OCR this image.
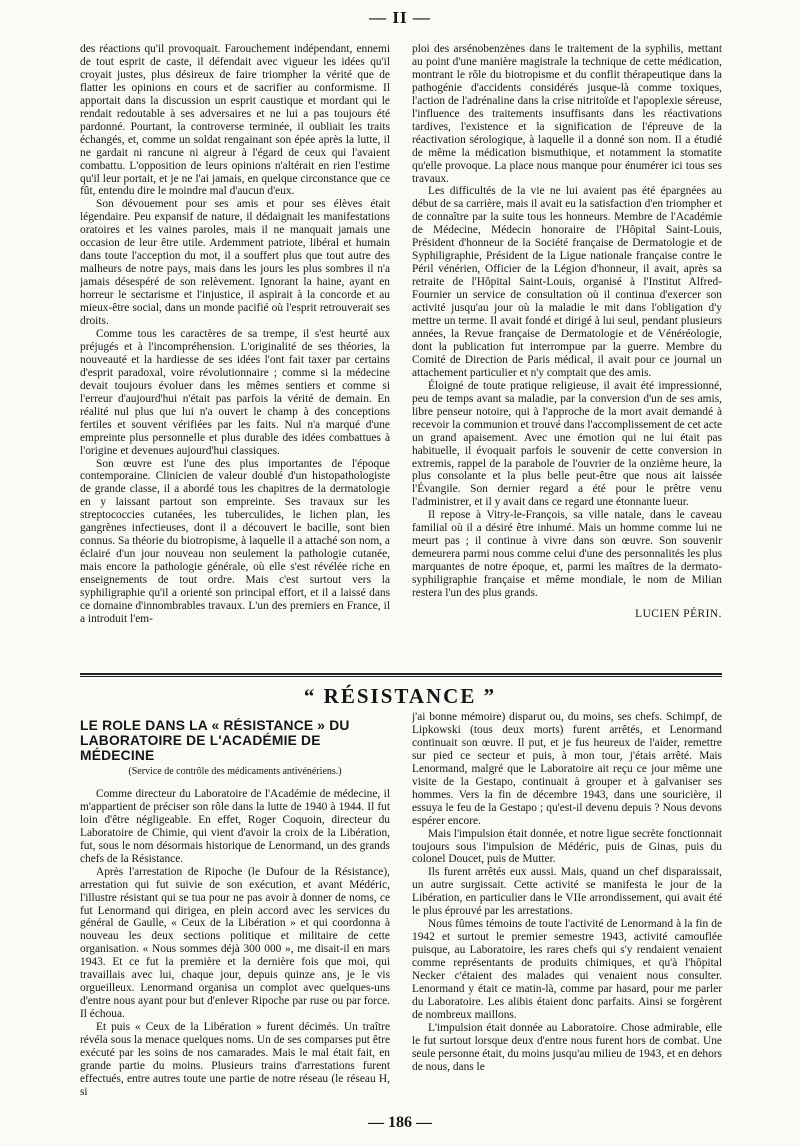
— II —

des réactions qu'il provoquait. Farouchement indépendant, ennemi de tout esprit de caste, il défendait avec vigueur les idées qu'il croyait justes, plus désireux de faire triompher la vérité que de flatter les opinions en cours et de sacrifier au conformisme. Il apportait dans la discussion un esprit caustique et mordant qui le rendait redoutable à ses adversaires et ne lui a pas toujours été pardonné. Pourtant, la controverse terminée, il oubliait les traits échangés, et, comme un soldat rengainant son épée après la lutte, il ne gardait ni rancune ni aigreur à l'égard de ceux qui l'avaient combattu. L'opposition de leurs opinions n'altérait en rien l'estime qu'il leur portait, et je ne l'ai jamais, en quelque circonstance que ce fût, entendu dire le moindre mal d'aucun d'eux.

Son dévouement pour ses amis et pour ses élèves était légendaire. Peu expansif de nature, il dédaignait les manifestations oratoires et les vaines paroles, mais il ne manquait jamais une occasion de leur être utile. Ardemment patriote, libéral et humain dans toute l'acception du mot, il a souffert plus que tout autre des malheurs de notre pays, mais dans les jours les plus sombres il n'a jamais désespéré de son relèvement. Ignorant la haine, ayant en horreur le sectarisme et l'injustice, il aspirait à la concorde et au mieux-être social, dans un monde pacifié où l'esprit retrouverait ses droits.

Comme tous les caractères de sa trempe, il s'est heurté aux préjugés et à l'incompréhension. L'originalité de ses théories, la nouveauté et la hardiesse de ses idées l'ont fait taxer par certains d'esprit paradoxal, voire révolutionnaire ; comme si la médecine devait toujours évoluer dans les mêmes sentiers et comme si l'erreur d'aujourd'hui n'était pas parfois la vérité de demain. En réalité nul plus que lui n'a ouvert le champ à des conceptions fertiles et souvent vérifiées par les faits. Nul n'a marqué d'une empreinte plus personnelle et plus durable des idées combattues à l'origine et devenues aujourd'hui classiques.

Son œuvre est l'une des plus importantes de l'époque contemporaine. Clinicien de valeur doublé d'un histopathologiste de grande classe, il a abordé tous les chapitres de la dermatologie en y laissant partout son empreinte. Ses travaux sur les streptococcies cutanées, les tuberculides, le lichen plan, les gangrènes infectieuses, dont il a découvert le bacille, sont bien connus. Sa théorie du biotropisme, à laquelle il a attaché son nom, a éclairé d'un jour nouveau non seulement la pathologie cutanée, mais encore la pathologie générale, où elle s'est révélée riche en enseignements de tout ordre. Mais c'est surtout vers la syphiligraphie qu'il a orienté son principal effort, et il a laissé dans ce domaine d'innombrables travaux. L'un des premiers en France, il a introduit l'em-

ploi des arsénobenzènes dans le traitement de la syphilis, mettant au point d'une manière magistrale la technique de cette médication, montrant le rôle du biotropisme et du conflit thérapeutique dans la pathogénie d'accidents considérés jusque-là comme toxiques, l'action de l'adrénaline dans la crise nitritoïde et l'apoplexie séreuse, l'influence des traitements insuffisants dans les réactivations tardives, l'existence et la signification de l'épreuve de la réactivation sérologique, à laquelle il a donné son nom. Il a étudié de même la médication bismuthique, et notamment la stomatite qu'elle provoque. La place nous manque pour énumérer ici tous ses travaux.

Les difficultés de la vie ne lui avaient pas été épargnées au début de sa carrière, mais il avait eu la satisfaction d'en triompher et de connaître par la suite tous les honneurs. Membre de l'Académie de Médecine, Médecin honoraire de l'Hôpital Saint-Louis, Président d'honneur de la Société française de Dermatologie et de Syphiligraphie, Président de la Ligue nationale française contre le Péril vénérien, Officier de la Légion d'honneur, il avait, après sa retraite de l'Hôpital Saint-Louis, organisé à l'Institut Alfred-Fournier un service de consultation où il continua d'exercer son activité jusqu'au jour où la maladie le mit dans l'obligation d'y mettre un terme. Il avait fondé et dirigé à lui seul, pendant plusieurs années, la Revue française de Dermatologie et de Vénéréologie, dont la publication fut interrompue par la guerre. Membre du Comité de Direction de Paris médical, il avait pour ce journal un attachement particulier et n'y comptait que des amis.

Éloigné de toute pratique religieuse, il avait été impressionné, peu de temps avant sa maladie, par la conversion d'un de ses amis, libre penseur notoire, qui à l'approche de la mort avait demandé à recevoir la communion et trouvé dans l'accomplissement de cet acte un grand apaisement. Avec une émotion qui ne lui était pas habituelle, il évoquait parfois le souvenir de cette conversion in extremis, rappel de la parabole de l'ouvrier de la onzième heure, la plus consolante et la plus belle peut-être que nous ait laissée l'Évangile. Son dernier regard a été pour le prêtre venu l'administrer, et il y avait dans ce regard une étonnante lueur.

Il repose à Vitry-le-François, sa ville natale, dans le caveau familial où il a désiré être inhumé. Mais un homme comme lui ne meurt pas ; il continue à vivre dans son œuvre. Son souvenir demeurera parmi nous comme celui d'une des personnalités les plus marquantes de notre époque, et, parmi les maîtres de la dermato-syphiligraphie française et même mondiale, le nom de Milian restera l'un des plus grands.

LUCIEN PÉRIN.

“ RÉSISTANCE ”
LE ROLE DANS LA « RÉSISTANCE » DU LABORATOIRE DE L'ACADÉMIE DE MÉDECINE
(Service de contrôle des médicaments antivénériens.)

Comme directeur du Laboratoire de l'Académie de médecine, il m'appartient de préciser son rôle dans la lutte de 1940 à 1944. Il fut loin d'être négligeable. En effet, Roger Coquoin, directeur du Laboratoire de Chimie, qui vient d'avoir la croix de la Libération, fut, sous le nom désormais historique de Lenormand, un des grands chefs de la Résistance.

Après l'arrestation de Ripoche (le Dufour de la Résistance), arrestation qui fut suivie de son exécution, et avant Médéric, l'illustre résistant qui se tua pour ne pas avoir à donner de noms, ce fut Lenormand qui dirigea, en plein accord avec les services du général de Gaulle, « Ceux de la Libération » et qui coordonna à nouveau les deux sections politique et militaire de cette organisation. « Nous sommes déjà 300 000 », me disait-il en mars 1943. Et ce fut la première et la dernière fois que moi, qui travaillais avec lui, chaque jour, depuis quinze ans, je le vis orgueilleux. Lenormand organisa un complot avec quelques-uns d'entre nous ayant pour but d'enlever Ripoche par ruse ou par force. Il échoua.

Et puis « Ceux de la Libération » furent décimés. Un traître révéla sous la menace quelques noms. Un de ses comparses put être exécuté par les soins de nos camarades. Mais le mal était fait, en grande partie du moins. Plusieurs trains d'arrestations furent effectués, entre autres toute une partie de notre réseau (le réseau H, si

j'ai bonne mémoire) disparut ou, du moins, ses chefs. Schimpf, de Lipkowski (tous deux morts) furent arrêtés, et Lenormand continuait son œuvre. Il put, et je fus heureux de l'aider, remettre sur pied ce secteur et puis, à mon tour, j'étais arrêté. Mais Lenormand, malgré que le Laboratoire ait reçu ce jour même une visite de la Gestapo, continuait à grouper et à galvaniser ses hommes. Vers la fin de décembre 1943, dans une souricière, il essuya le feu de la Gestapo ; qu'est-il devenu depuis ? Nous devons espérer encore.

Mais l'impulsion était donnée, et notre ligue secrète fonctionnait toujours sous l'impulsion de Médéric, puis de Ginas, puis du colonel Doucet, puis de Mutter.

Ils furent arrêtés eux aussi. Mais, quand un chef disparaissait, un autre surgissait. Cette activité se manifesta le jour de la Libération, en particulier dans le VIIe arrondissement, qui avait été le plus éprouvé par les arrestations.

Nous fûmes témoins de toute l'activité de Lenormand à la fin de 1942 et surtout le premier semestre 1943, activité camouflée puisque, au Laboratoire, les rares chefs qui s'y rendaient venaient comme représentants de produits chimiques, et qu'à l'hôpital Necker c'étaient des malades qui venaient nous consulter. Lenormand y était ce matin-là, comme par hasard, pour me parler du Laboratoire. Les alibis étaient donc parfaits. Ainsi se forgèrent de nombreux maillons.

L'impulsion était donnée au Laboratoire. Chose admirable, elle le fut surtout lorsque deux d'entre nous furent hors de combat. Une seule personne était, du moins jusqu'au milieu de 1943, et en dehors de nous, dans le

— 186 —
